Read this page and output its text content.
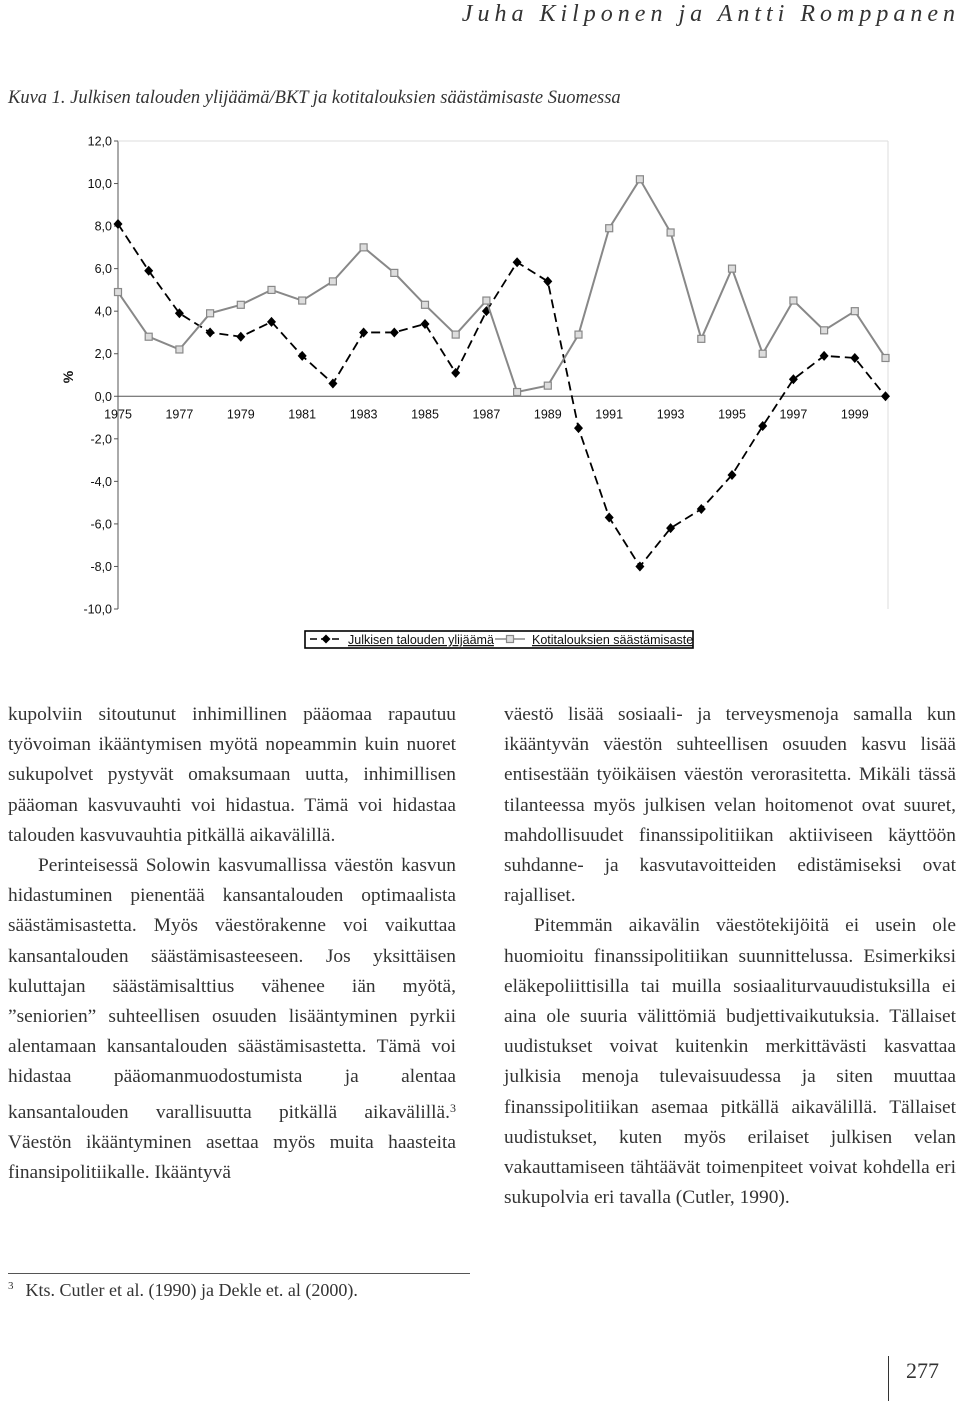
Juha Kilponen ja Antti Romppanen
Kuva 1. Julkisen talouden ylijäämä/BKT ja kotitalouksien säästämisaste Suomessa
12,0
10,0
8,0
6,0
4,0
2,0
0,0
-2,0
-4,0
-6,0
-8,0
-10,0
1975	1977	1979	1981	1983	1985	1987	1989	1991	1993	1995	1997	1999
%
Julkisen talouden ylijäämä	Kotitalouksien säästämisaste

kupolviin sitoutunut inhimillinen pääomaa rapautuu työvoiman ikääntymisen myötä nopeammin kuin nuoret sukupolvet pystyvät omaksumaan uutta, inhimillisen pääoman kasvuvauhti voi hidastua. Tämä voi hidastaa talouden kasvuvauhtia pitkällä aikavälillä.

Perinteisessä Solowin kasvumallissa väestön kasvun hidastuminen pienentää kansantalouden optimaalista säästämisastetta. Myös väestörakenne voi vaikuttaa kansantalouden säästämisasteeseen. Jos yksittäisen kuluttajan säästämisalttius vähenee iän myötä, ”seniorien” suhteellisen osuuden lisääntyminen pyrkii alentamaan kansantalouden säästämisastetta. Tämä voi hidastaa pääomanmuodostumista ja alentaa kansantalouden varallisuutta pitkällä aikavälillä.$^3$ Väestön ikääntyminen asettaa myös muita haasteita finansipolitiikalle. Ikääntyvä

väestö lisää sosiaali- ja terveysmenoja samalla kun ikääntyvän väestön suhteellisen osuuden kasvu lisää entisestään työikäisen väestön verorasitetta. Mikäli tässä tilanteessa myös julkisen velan hoitomenot ovat suuret, mahdollisuudet finanssipolitiikan aktiiviseen käyttöön suhdanne- ja kasvutavoitteiden edistämiseksi ovat rajalliset.

Pitemmän aikavälin väestötekijöitä ei usein ole huomioitu finanssipolitiikan suunnittelussa. Esimerkiksi eläkepoliittisilla tai muilla sosiaaliturvauudistuksilla ei aina ole suuria välittömiä budjettivaikutuksia. Tällaiset uudistukset voivat kuitenkin merkittävästi kasvattaa julkisia menoja tulevaisuudessa ja siten muuttaa finanssipolitiikan asemaa pitkällä aikavälillä. Tällaiset uudistukset, kuten myös erilaiset julkisen velan vakauttamiseen tähtäävät toimenpiteet voivat kohdella eri sukupolvia eri tavalla (Cutler, 1990).

$^3$ Kts. Cutler et al. (1990) ja Dekle et. al (2000).
277
